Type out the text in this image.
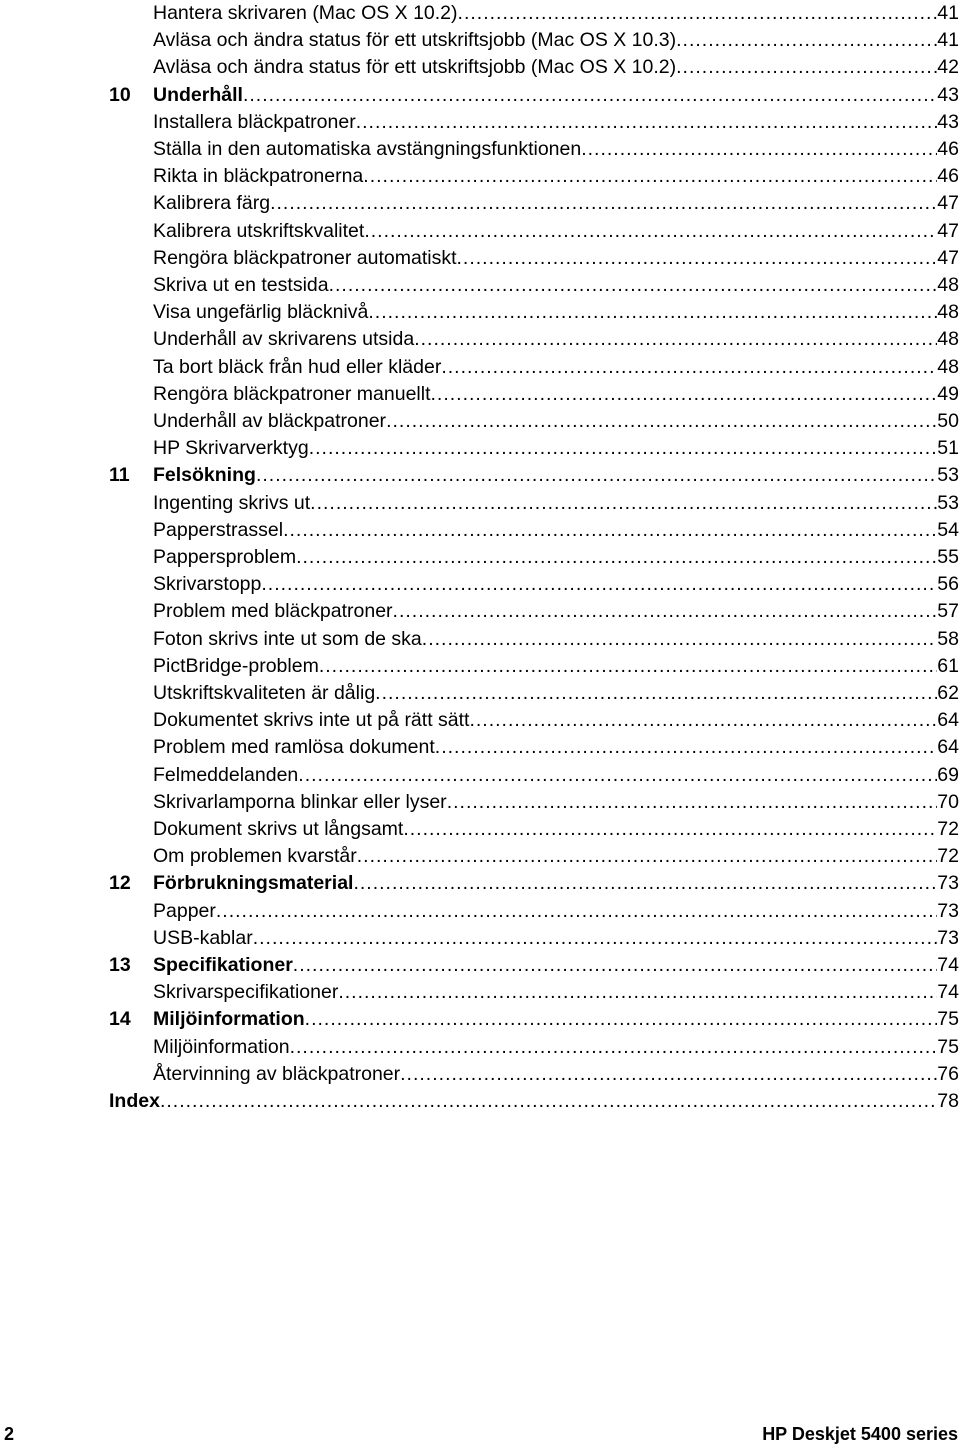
Hantera skrivaren (Mac OS X 10.2) .....	41
Avläsa och ändra status för ett utskriftsjobb (Mac OS X 10.3) .....	41
Avläsa och ändra status för ett utskriftsjobb (Mac OS X 10.2) .....	42
10	Underhåll .....	43
Installera bläckpatroner .....	43
Ställa in den automatiska avstängningsfunktionen .....	46
Rikta in bläckpatronerna .....	46
Kalibrera färg .....	47
Kalibrera utskriftskvalitet .....	47
Rengöra bläckpatroner automatiskt .....	47
Skriva ut en testsida .....	48
Visa ungefärlig bläcknivå .....	48
Underhåll av skrivarens utsida .....	48
Ta bort bläck från hud eller kläder .....	48
Rengöra bläckpatroner manuellt .....	49
Underhåll av bläckpatroner .....	50
HP Skrivarverktyg .....	51
11	Felsökning .....	53
Ingenting skrivs ut .....	53
Papperstrassel .....	54
Pappersproblem .....	55
Skrivarstopp .....	56
Problem med bläckpatroner .....	57
Foton skrivs inte ut som de ska .....	58
PictBridge-problem .....	61
Utskriftskvaliteten är dålig .....	62
Dokumentet skrivs inte ut på rätt sätt .....	64
Problem med ramlösa dokument .....	64
Felmeddelanden .....	69
Skrivarlamporna blinkar eller lyser .....	70
Dokument skrivs ut långsamt .....	72
Om problemen kvarstår .....	72
12	Förbrukningsmaterial .....	73
Papper .....	73
USB-kablar .....	73
13	Specifikationer .....	74
Skrivarspecifikationer .....	74
14	Miljöinformation .....	75
Miljöinformation .....	75
Återvinning av bläckpatroner .....	76
Index .....	78
2	HP Deskjet 5400 series
